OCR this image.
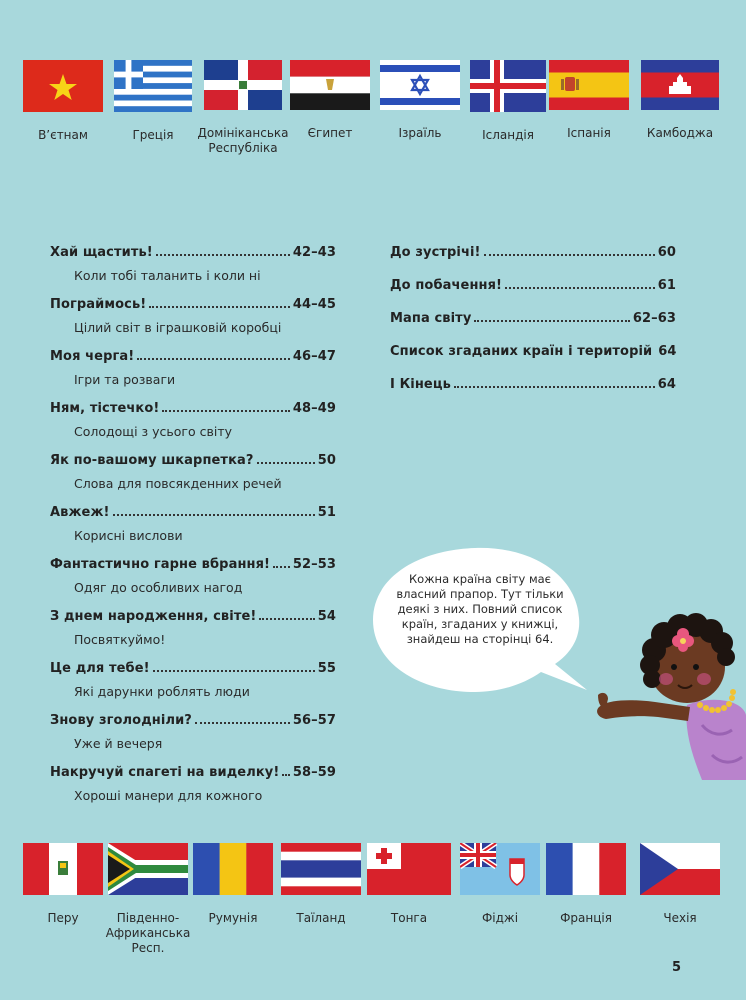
В’єтнам	Греція	Домініканська Республіка
Єгипет	Ізраїль	Ісландія	Іспанія	Камбоджа
Хай щастить!	42–43
Коли тобі таланить і коли ні
Пограймось!	44–45
Цілий світ в іграшковій коробці
Моя черга!	46–47
Ігри та розваги
Ням, тістечко!	48–49
Солодощі з усього світу
Як по-вашому шкарпетка?	50
Слова для повсякденних речей
Авжеж!	51
Корисні вислови
Фантастично гарне вбрання! 52–53
Одяг до особливих нагод
З днем народження, світе!	54
Посвяткуймо!
Це для тебе!	55
Які дарунки роблять люди
Знову зголодніли?	56–57
Уже й вечеря
Накручуй спагеті на виделку! 58–59
Хороші манери для кожного
До зустрічі!	60
До побачення!	61
Мапа світу	62–63
Список згаданих країн і територій 64
І Кінець	64
Кожна країна світу має власний прапор. Тут тільки деякі з них. Повний список країн, згаданих у книжці, знайдеш на сторінці 64.
Перу	Південно-Африканська Респ.
Румунія	Таїланд	Тонга	Фіджі	Франція	Чехія
5
